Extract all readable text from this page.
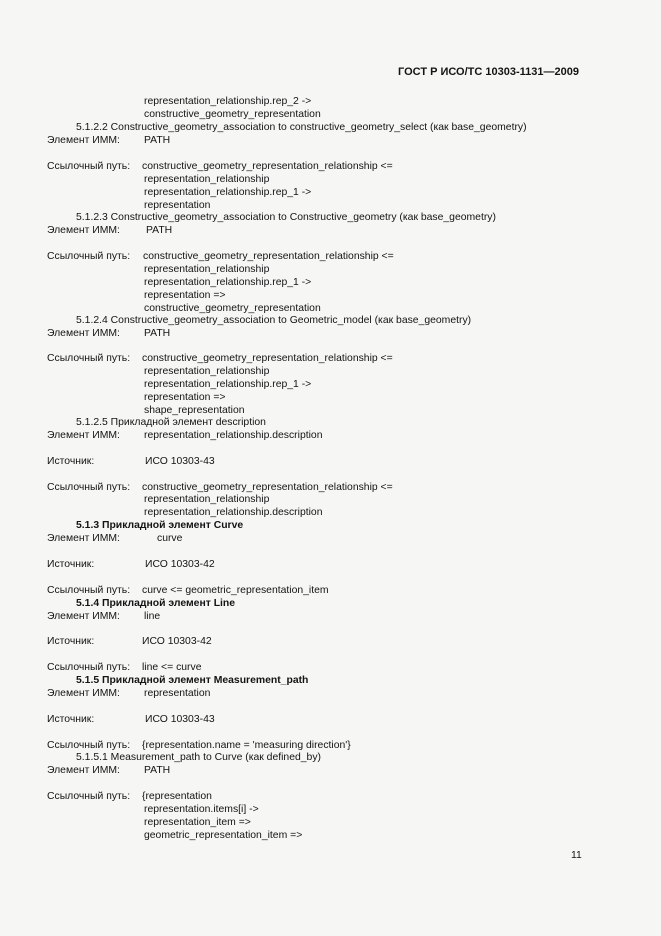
ГОСТ Р ИСО/ТС 10303-1131—2009
representation_relationship.rep_2 ->
constructive_geometry_representation
5.1.2.2 Constructive_geometry_association to constructive_geometry_select (как base_geometry)
Элемент ИММ: PATH
Ссылочный путь: constructive_geometry_representation_relationship <=
representation_relationship
representation_relationship.rep_1 ->
representation
5.1.2.3 Constructive_geometry_association to Constructive_geometry (как base_geometry)
Элемент ИММ:	PATH
Ссылочный путь: constructive_geometry_representation_relationship <=
representation_relationship
representation_relationship.rep_1 ->
representation =>
constructive_geometry_representation
5.1.2.4 Constructive_geometry_association to Geometric_model (как base_geometry)
Элемент ИММ: PATH
Ссылочный путь: constructive_geometry_representation_relationship <=
representation_relationship
representation_relationship.rep_1 ->
representation =>
shape_representation
5.1.2.5 Прикладной элемент description
Элемент ИММ: representation_relationship.description
Источник:	ИСО 10303-43
Ссылочный путь: constructive_geometry_representation_relationship <=
representation_relationship
representation_relationship.description
5.1.3 Прикладной элемент Curve
Элемент ИММ:	curve
Источник:	ИСО 10303-42
Ссылочный путь: curve <= geometric_representation_item
5.1.4 Прикладной элемент Line
Элемент ИММ: line
Источник:	ИСО 10303-42
Ссылочный путь: line <= curve
5.1.5 Прикладной элемент Measurement_path
Элемент ИММ: representation
Источник:	ИСО 10303-43
Ссылочный путь: {representation.name = 'measuring direction'}
5.1.5.1 Measurement_path to Curve (как defined_by)
Элемент ИММ: PATH
Ссылочный путь: {representation
representation.items[i] ->
representation_item =>
geometric_representation_item =>
11
